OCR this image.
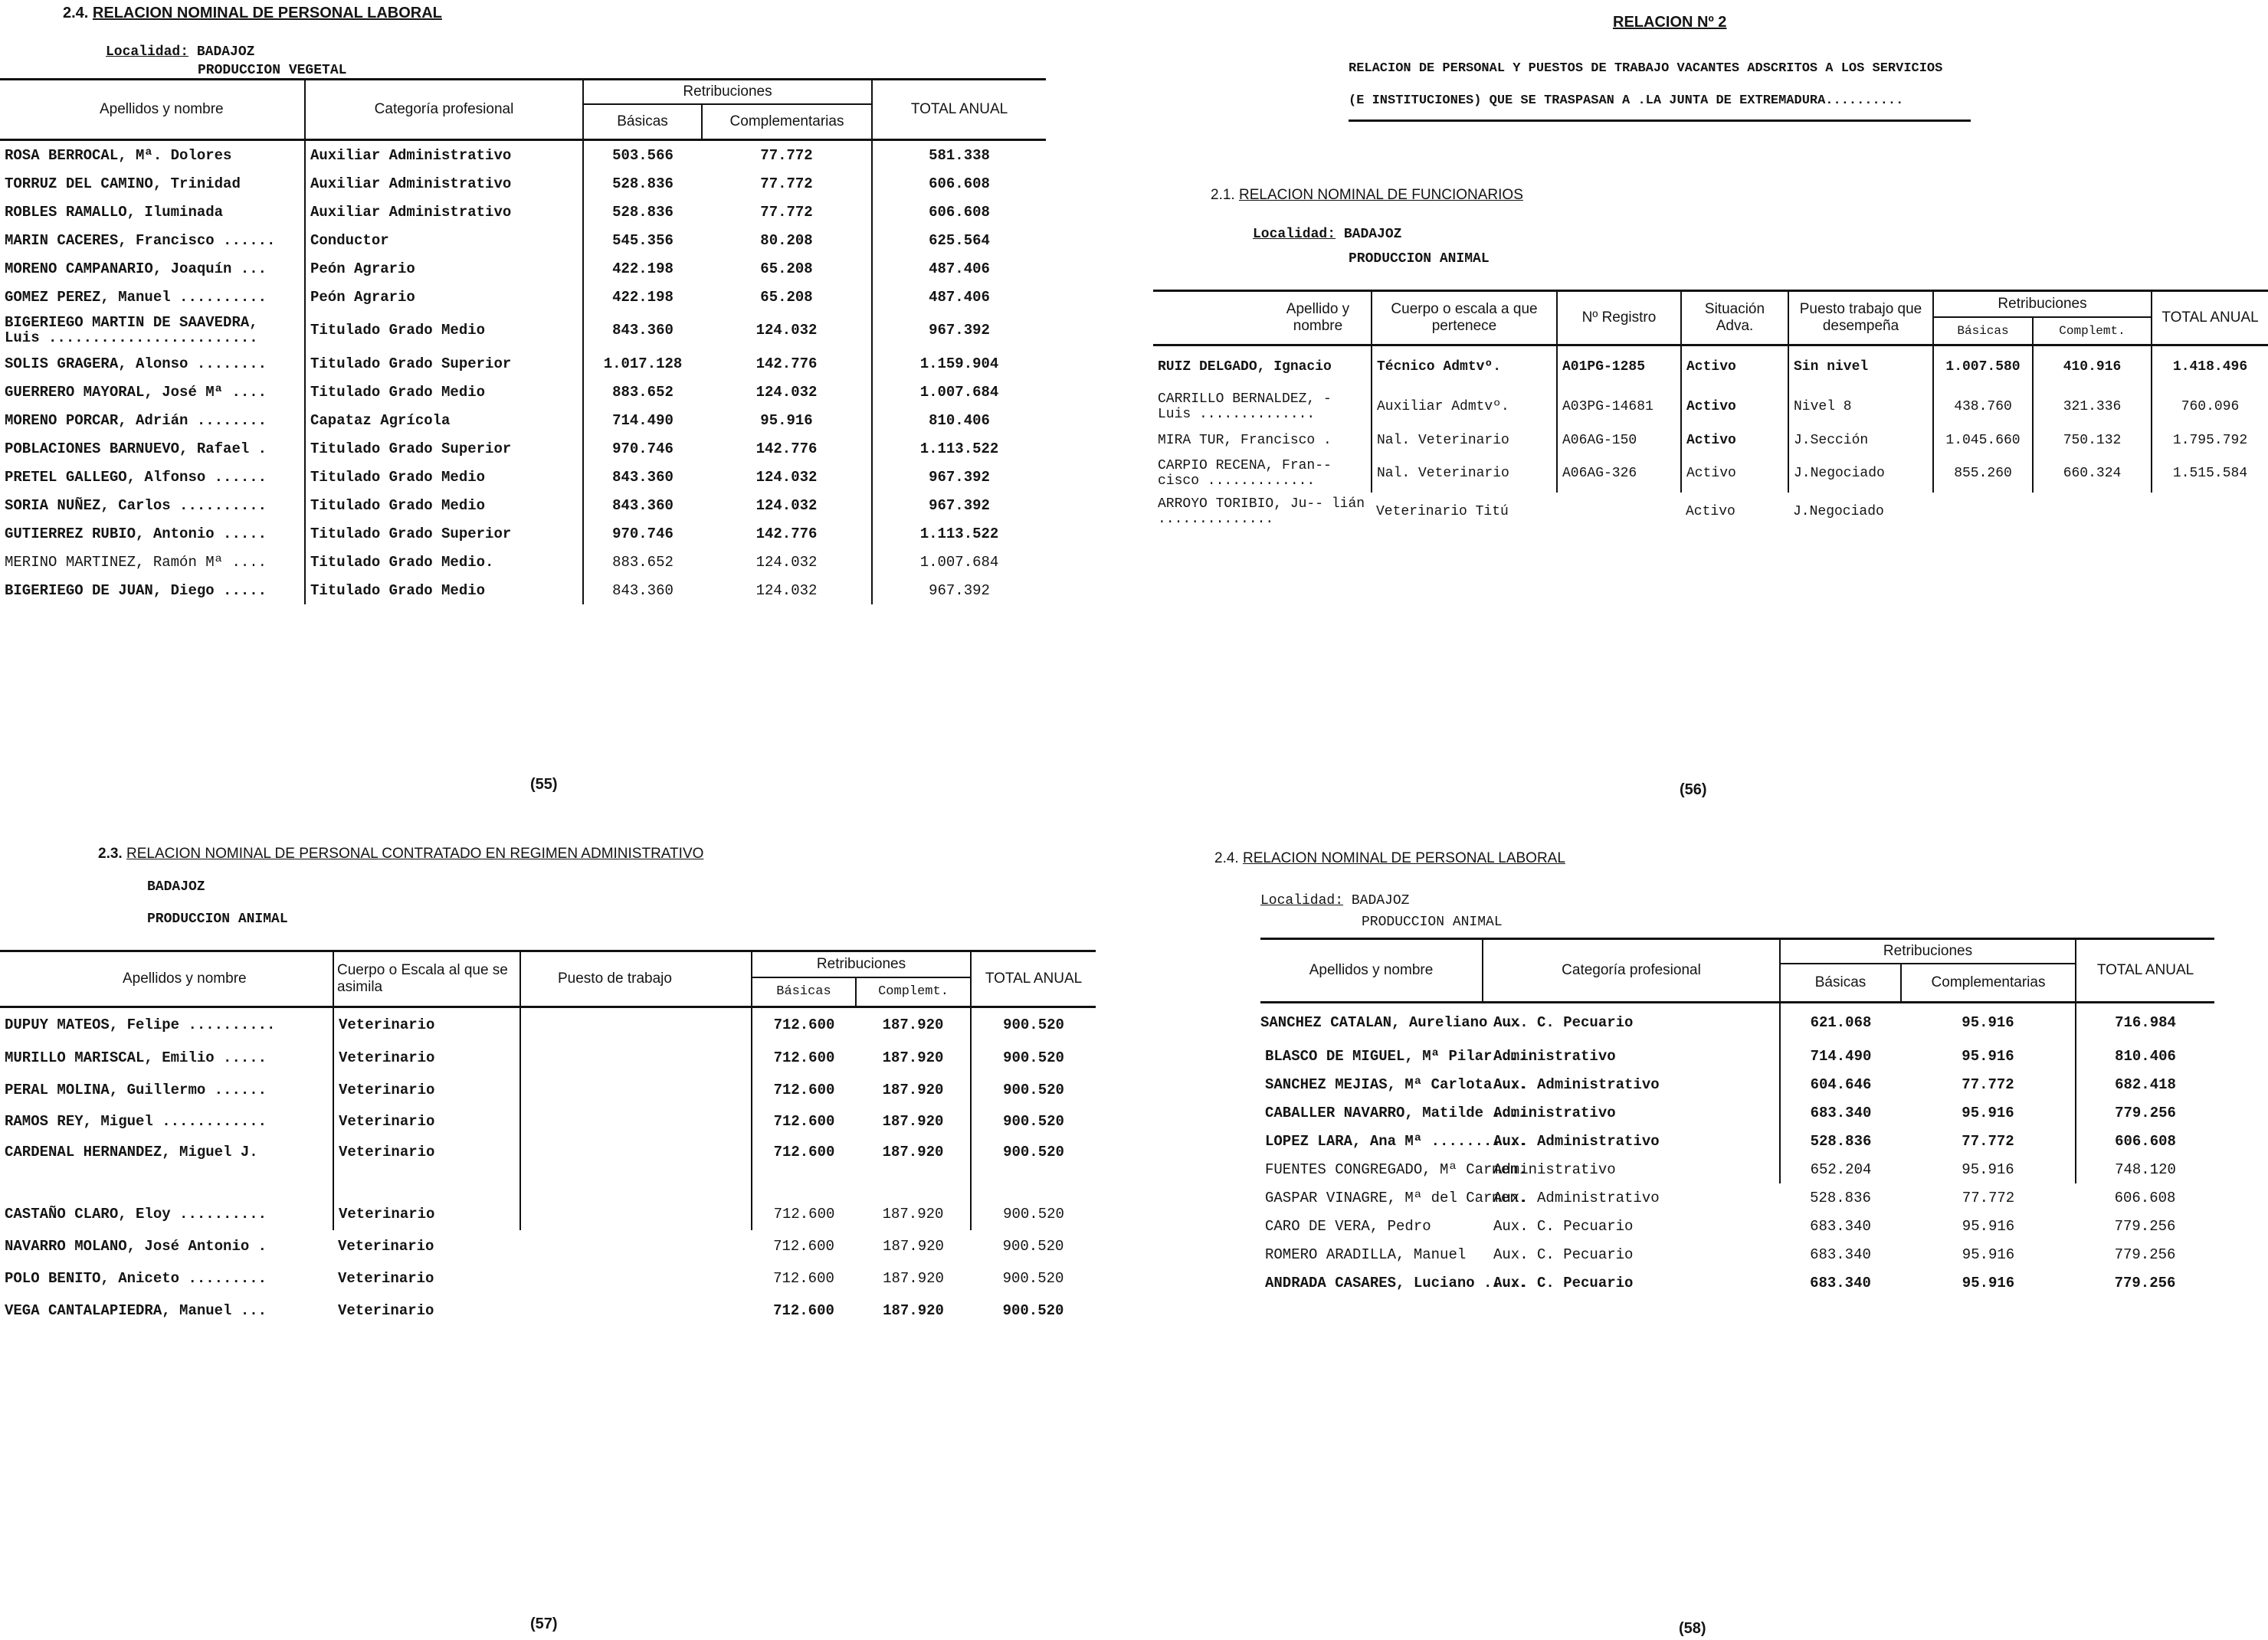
2.4. RELACION NOMINAL DE PERSONAL LABORAL
Localidad: BADAJOZ
PRODUCCION VEGETAL
Apellidos y nombre	Categoría profesional	Retribuciones		TOTAL ANUAL
		Básicas	Complementarias	
ROSA BERROCAL, Mª. Dolores	Auxiliar Administrativo	503.566	77.772	581.338
TORRUZ DEL CAMINO, Trinidad	Auxiliar Administrativo	528.836	77.772	606.608
ROBLES RAMALLO, Iluminada	Auxiliar Administrativo	528.836	77.772	606.608
MARIN CACERES, Francisco ......	Conductor	545.356	80.208	625.564
MORENO CAMPANARIO, Joaquín ...	Peón Agrario	422.198	65.208	487.406
GOMEZ PEREZ, Manuel ..........	Peón Agrario	422.198	65.208	487.406
BIGERIEGO MARTIN DE SAAVEDRA, Luis ........................	Titulado Grado Medio	843.360	124.032	967.392
SOLIS GRAGERA, Alonso ........	Titulado Grado Superior	1.017.128	142.776	1.159.904
GUERRERO MAYORAL, José Mª ....	Titulado Grado Medio	883.652	124.032	1.007.684
MORENO PORCAR, Adrián ........	Capataz Agrícola	714.490	95.916	810.406
POBLACIONES BARNUEVO, Rafael .	Titulado Grado Superior	970.746	142.776	1.113.522
PRETEL GALLEGO, Alfonso ......	Titulado Grado Medio	843.360	124.032	967.392
SORIA NUÑEZ, Carlos ..........	Titulado Grado Medio	843.360	124.032	967.392
GUTIERREZ RUBIO, Antonio .....	Titulado Grado Superior	970.746	142.776	1.113.522
MERINO MARTINEZ, Ramón Mª ....	Titulado Grado Medio.	883.652	124.032	1.007.684
BIGERIEGO DE JUAN, Diego .....	Titulado Grado Medio	843.360	124.032	967.392
(55)
RELACION Nº 2
RELACION DE PERSONAL Y PUESTOS DE TRABAJO VACANTES ADSCRITOS A LOS SERVICIOS
(E INSTITUCIONES) QUE SE TRASPASAN A .LA JUNTA DE EXTREMADURA..........
2.1. RELACION NOMINAL DE FUNCIONARIOS
Localidad: BADAJOZ
PRODUCCION ANIMAL
Apellido y nombre	Cuerpo o escala a que pertenece	Nº Registro	Situación Adva.	Puesto trabajo que desempeña	Retribuciones		TOTAL ANUAL
					Básicas	Complemt.	
RUIZ DELGADO, Ignacio	Técnico Admtvº.	A01PG-1285	Activo	Sin nivel	1.007.580	410.916	1.418.496
CARRILLO BERNALDEZ, - Luis ..............	Auxiliar Admtvº.	A03PG-14681	Activo	Nivel 8	438.760	321.336	760.096
MIRA TUR, Francisco .	Nal. Veterinario	A06AG-150	Activo	J.Sección	1.045.660	750.132	1.795.792
CARPIO RECENA, Fran-- cisco .............	Nal. Veterinario	A06AG-326	Activo	J.Negociado	855.260	660.324	1.515.584
ARROYO TORIBIO, Ju-- lián ..............	Veterinario Titú		Activo	J.Negociado			
(56)
2.3. RELACION NOMINAL DE PERSONAL CONTRATADO EN REGIMEN ADMINISTRATIVO
BADAJOZ
PRODUCCION ANIMAL
Apellidos y nombre	Cuerpo o Escala al que se asimila	Puesto de trabajo	Retribuciones		TOTAL ANUAL
			Básicas	Complemt.	
DUPUY MATEOS, Felipe ..........	Veterinario		712.600	187.920	900.520
MURILLO MARISCAL, Emilio .....	Veterinario		712.600	187.920	900.520
PERAL MOLINA, Guillermo ......	Veterinario		712.600	187.920	900.520
RAMOS REY, Miguel ............	Veterinario		712.600	187.920	900.520
CARDENAL HERNANDEZ, Miguel J.	Veterinario		712.600	187.920	900.520

CASTAÑO CLARO, Eloy ..........	Veterinario		712.600	187.920	900.520
NAVARRO MOLANO, José Antonio .	Veterinario		712.600	187.920	900.520
POLO BENITO, Aniceto .........	Veterinario		712.600	187.920	900.520
VEGA CANTALAPIEDRA, Manuel ...	Veterinario		712.600	187.920	900.520
(57)
2.4. RELACION NOMINAL DE PERSONAL LABORAL
Localidad: BADAJOZ
PRODUCCION ANIMAL
Apellidos y nombre	Categoría profesional	Retribuciones		TOTAL ANUAL
		Básicas	Complementarias	
SANCHEZ CATALAN, Aureliano ...	Aux. C. Pecuario	621.068	95.916	716.984
BLASCO DE MIGUEL, Mª Pilar ...	Administrativo	714.490	95.916	810.406
SANCHEZ MEJIAS, Mª Carlota ...	Aux. Administrativo	604.646	77.772	682.418
CABALLER NAVARRO, Matilde ....	Administrativo	683.340	95.916	779.256
LOPEZ LARA, Ana Mª ...........	Aux. Administrativo	528.836	77.772	606.608
FUENTES CONGREGADO, Mª Carmen.	Administrativo	652.204	95.916	748.120
GASPAR VINAGRE, Mª del Carmen.	Aux. Administrativo	528.836	77.772	606.608
CARO DE VERA, Pedro	Aux. C. Pecuario	683.340	95.916	779.256
ROMERO ARADILLA, Manuel	Aux. C. Pecuario	683.340	95.916	779.256
ANDRADA CASARES, Luciano .....	Aux. C. Pecuario	683.340	95.916	779.256
(58)
